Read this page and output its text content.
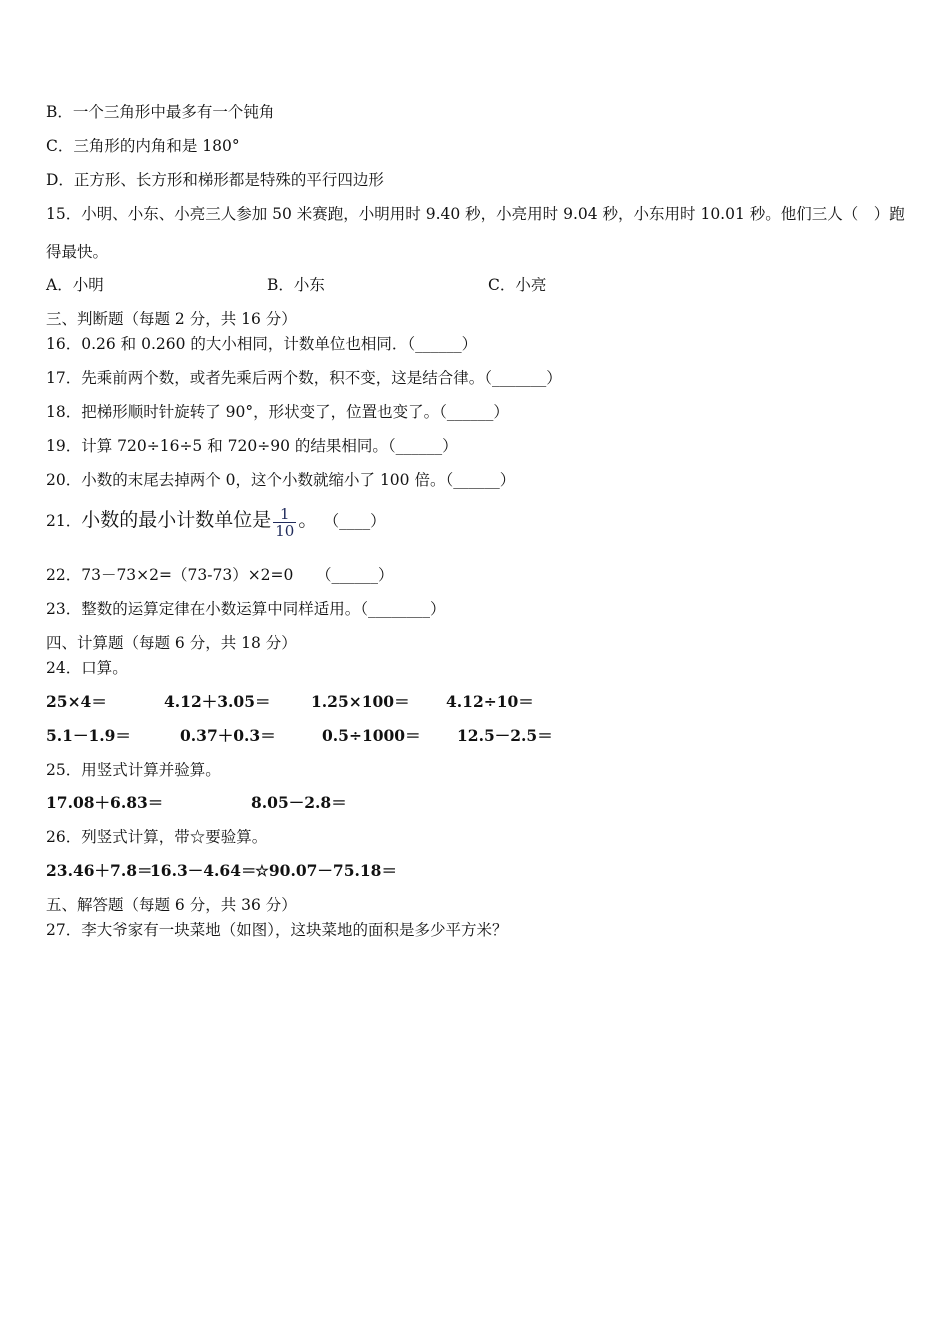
B．一个三角形中最多有一个钝角
C．三角形的内角和是 180°
D．正方形、长方形和梯形都是特殊的平行四边形
15．小明、小东、小亮三人参加 50 米赛跑，小明用时 9.40 秒，小亮用时 9.04 秒，小东用时 10.01 秒。他们三人（　）跑
得最快。
A．小明	B．小东	C．小亮
三、判断题（每题 2 分，共 16 分）
16．0.26 和 0.260 的大小相同，计数单位也相同．（______）
17．先乘前两个数，或者先乘后两个数，积不变，这是结合律。（_______）
18．把梯形顺时针旋转了 90°，形状变了，位置也变了。（______）
19．计算 720÷16÷5 和 720÷90 的结果相同。（______）
20．小数的末尾去掉两个 0，这个小数就缩小了 100 倍。（______）
21．小数的最小计数单位是 $\frac{1}{10}$ 。 （____）
22．73－73×2=（73-73）×2=0 （______）
23．整数的运算定律在小数运算中同样适用。（________）
四、计算题（每题 6 分，共 18 分）
24．口算。
25×4＝	4.12＋3.05＝	1.25×100＝ 4.12÷10＝
5.1－1.9＝	0.37＋0.3＝	0.5÷1000＝ 12.5－2.5＝
25．用竖式计算并验算。
17.08＋6.83＝	8.05－2.8＝
26．列竖式计算，带☆要验算。
23.46＋7.8＝
16.3－4.64＝
☆90.07－75.18＝
五、解答题（每题 6 分，共 36 分）
27．李大爷家有一块菜地（如图），这块菜地的面积是多少平方米？
